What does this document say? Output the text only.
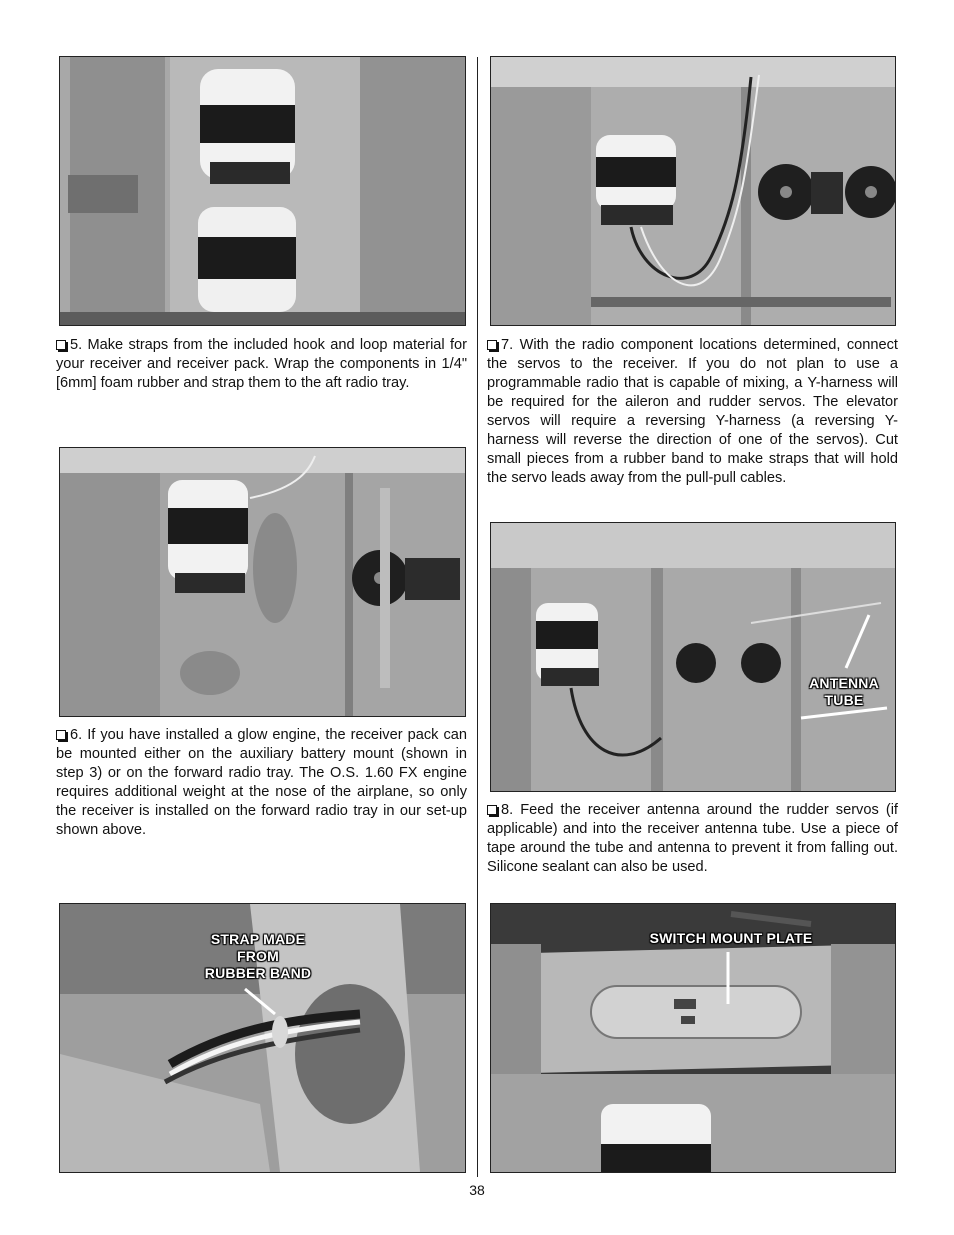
5. Make straps from the included hook and loop material for your receiver and receiver pack. Wrap the components in 1/4" [6mm] foam rubber and strap them to the aft radio tray.

7. With the radio component locations determined, connect the servos to the receiver. If you do not plan to use a programmable radio that is capable of mixing, a Y-harness will be required for the aileron and rudder servos. The elevator servos will require a reversing Y-harness (a reversing Y-harness will reverse the direction of one of the servos). Cut small pieces from a rubber band to make straps that will hold the servo leads away from the pull-pull cables.

6. If you have installed a glow engine, the receiver pack can be mounted either on the auxiliary battery mount (shown in step 3) or on the forward radio tray. The O.S. 1.60 FX engine requires additional weight at the nose of the airplane, so only the receiver is installed on the forward radio tray in our set-up shown above.

ANTENNA
TUBE

8. Feed the receiver antenna around the rudder servos (if applicable) and into the receiver antenna tube. Use a piece of tape around the tube and antenna to prevent it from falling out. Silicone sealant can also be used.

STRAP MADE
FROM
RUBBER BAND
SWITCH MOUNT PLATE
38
